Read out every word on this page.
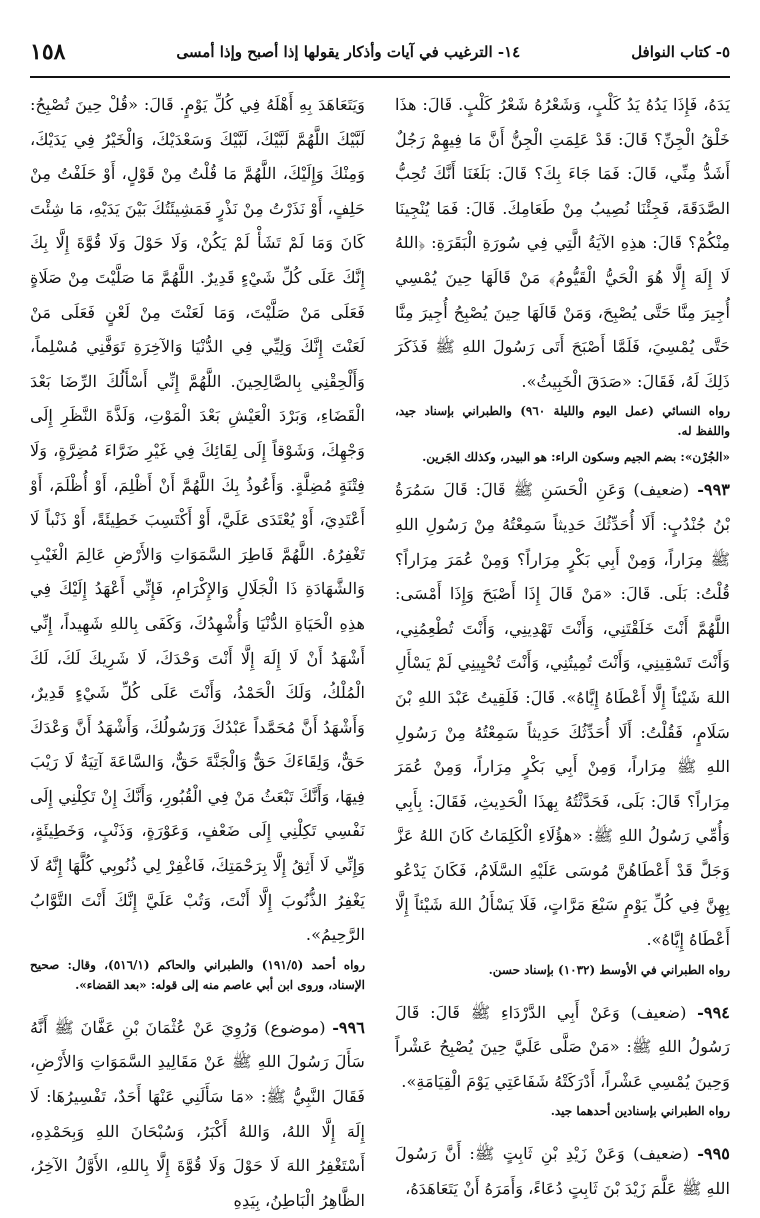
٥- كتاب النوافل
١٤- الترغيب في آيات وأذكار يقولها إذا أصبح وإذا أمسى
١٥٨

يَدَهُ، فَإِذَا يَدُهُ يَدُ كَلْبٍ، وَشَعْرُهُ شَعْرُ كَلْبٍ. قَالَ: هذَا خَلْقُ الْجِنِّ؟ قَالَ: قَدْ عَلِمَتِ الْجِنُّ أَنَّ مَا فِيهِمْ رَجُلٌ أَشَدُّ مِنِّي، قَالَ: فَمَا جَاءَ بِكَ؟ قَالَ: بَلَغَنَا أَنَّكَ تُحِبُّ الصَّدَقَةَ، فَجِئْنَا نُصِيبُ مِنْ طَعَامِكَ. قَالَ: فَمَا يُنْجِينَا مِنْكُمْ؟ قَالَ: هذِهِ الآيَةُ الَّتِي فِي سُورَةِ الْبَقَرَةِ: ﴿اللهُ لَا إِلَهَ إِلَّا هُوَ الْحَيُّ الْقَيُّومُ﴾ مَنْ قَالَهَا حِينَ يُمْسِي أُجِيرَ مِنَّا حَتَّى يُصْبِحَ، وَمَنْ قَالَهَا حِينَ يُصْبِحُ أُجِيرَ مِنَّا حَتَّى يُمْسِيَ، فَلَمَّا أَصْبَحَ أَتَى رَسُولَ اللهِ ﷺ فَذَكَرَ ذَلِكَ لَهُ، فَقَالَ: «صَدَقَ الْخَبِيثُ».

رواه النسائي (عمل اليوم والليلة ٩٦٠) والطبراني بإسناد جيد، واللفظ له.

«الجُرْن»: بضم الجيم وسكون الراء: هو البيدر، وكذلك الجَرين.

٩٩٣- (ضعيف) وَعَنِ الْحَسَنِ ﷺ قَالَ: قَالَ سَمُرَةُ بْنُ جُنْدُبٍ: أَلَا أُحَدِّثُكَ حَدِيثاً سَمِعْتُهُ مِنْ رَسُولِ اللهِ ﷺ مِرَاراً، وَمِنْ أَبِي بَكْرٍ مِرَاراً؟ وَمِنْ عُمَرَ مِرَاراً؟ قُلْتُ: بَلَى. قَالَ: «مَنْ قَالَ إِذَا أَصْبَحَ وَإِذَا أَمْسَى: اللَّهُمَّ أَنْتَ خَلَقْتَنِي، وَأَنْتَ تَهْدِينِي، وَأَنْتَ تُطْعِمُنِي، وَأَنْتَ تَسْقِينِي، وَأَنْتَ تُمِيتُنِي، وَأَنْتَ تُحْيِينِي لَمْ يَسْأَلِ اللهَ شَيْئاً إِلَّا أَعْطَاهُ إِيَّاهُ». قَالَ: فَلَقِيتُ عَبْدَ اللهِ بْنَ سَلَامٍ، فَقُلْتُ: أَلَا أُحَدِّثُكَ حَدِيثاً سَمِعْتُهُ مِنْ رَسُولِ اللهِ ﷺ مِرَاراً، وَمِنْ أَبِي بَكْرٍ مِرَاراً، وَمِنْ عُمَرَ مِرَاراً؟ قَالَ: بَلَى، فَحَدَّثْتُهُ بِهذَا الْحَدِيثِ، فَقَالَ: بِأَبِي وَأُمِّي رَسُولُ اللهِ ﷺ: «هؤُلَاءِ الْكَلِمَاتُ كَانَ اللهُ عَزَّ وَجَلَّ قَدْ أَعْطَاهُنَّ مُوسَى عَلَيْهِ السَّلَامُ، فَكَانَ يَدْعُو بِهِنَّ فِي كُلِّ يَوْمٍ سَبْعَ مَرَّاتٍ، فَلَا يَسْأَلُ اللهَ شَيْئاً إِلَّا أَعْطَاهُ إِيَّاهُ».

رواه الطبراني في الأوسط (١٠٣٢) بإسناد حسن.

٩٩٤- (ضعيف) وَعَنْ أَبِي الدَّرْدَاءِ ﷺ قَالَ: قَالَ رَسُولُ اللهِ ﷺ: «مَنْ صَلَّى عَلَيَّ حِينَ يُصْبِحُ عَشْراً وَحِينَ يُمْسِي عَشْراً، أَدْرَكَتْهُ شَفَاعَتِي يَوْمَ الْقِيَامَةِ».

رواه الطبراني بإسنادين أحدهما جيد.

٩٩٥- (ضعيف) وَعَنْ زَيْدِ بْنِ ثَابِتٍ ﷺ: أَنَّ رَسُولَ اللهِ ﷺ عَلَّمَ زَيْدَ بْنَ ثَابِتٍ دُعَاءً، وَأَمَرَهُ أَنْ يَتَعَاهَدَهُ،

وَيَتَعَاهَدَ بِهِ أَهْلَهُ فِي كُلِّ يَوْمٍ. قَالَ: «قُلْ حِينَ تُصْبِحُ: لَبَّيْكَ اللَّهُمَّ لَبَّيْكَ، لَبَّيْكَ وَسَعْدَيْكَ، وَالْخَيْرُ فِي يَدَيْكَ، وَمِنْكَ وَإِلَيْكَ، اللَّهُمَّ مَا قُلْتُ مِنْ قَوْلٍ، أَوْ حَلَفْتُ مِنْ حَلِفٍ، أَوْ نَذَرْتُ مِنْ نَذْرٍ فَمَشِيئَتُكَ بَيْنَ يَدَيْهِ، مَا شِئْتَ كَانَ وَمَا لَمْ تَشَأْ لَمْ يَكُنْ، وَلَا حَوْلَ وَلَا قُوَّةَ إِلَّا بِكَ إِنَّكَ عَلَى كُلِّ شَيْءٍ قَدِيرٌ. اللَّهُمَّ مَا صَلَّيْتَ مِنْ صَلَاةٍ فَعَلَى مَنْ صَلَّيْتَ، وَمَا لَعَنْتَ مِنْ لَعْنٍ فَعَلَى مَنْ لَعَنْتَ إِنَّكَ وَلِيِّي فِي الدُّنْيَا وَالآخِرَةِ تَوَفَّنِي مُسْلِماً، وَأَلْحِقْنِي بِالصَّالِحِينَ. اللَّهُمَّ إِنِّي أَسْأَلُكَ الرِّضَا بَعْدَ الْقَضَاءِ، وَبَرْدَ الْعَيْشِ بَعْدَ الْمَوْتِ، وَلَذَّةَ النَّظَرِ إِلَى وَجْهِكَ، وَشَوْقاً إِلَى لِقَائِكَ فِي غَيْرِ ضَرَّاءَ مُضِرَّةٍ، وَلَا فِتْنَةٍ مُضِلَّةٍ. وَأَعُوذُ بِكَ اللَّهُمَّ أَنْ أَظْلِمَ، أَوْ أُظْلَمَ، أَوْ أَعْتَدِيَ، أَوْ يُعْتَدَى عَلَيَّ، أَوْ أَكْتَسِبَ خَطِيئَةً، أَوْ ذَنْباً لَا تَغْفِرُهُ. اللَّهُمَّ فَاطِرَ السَّمَوَاتِ وَالأَرْضِ عَالِمَ الْغَيْبِ وَالشَّهَادَةِ ذَا الْجَلَالِ وَالإِكْرَامِ، فَإِنِّي أَعْهَدُ إِلَيْكَ فِي هذِهِ الْحَيَاةِ الدُّنْيَا وَأُشْهِدُكَ، وَكَفَى بِاللهِ شَهِيداً، إِنِّي أَشْهَدُ أَنْ لَا إِلَهَ إِلَّا أَنْتَ وَحْدَكَ، لَا شَرِيكَ لَكَ، لَكَ الْمُلْكُ، وَلَكَ الْحَمْدُ، وَأَنْتَ عَلَى كُلِّ شَيْءٍ قَدِيرٌ، وَأَشْهَدُ أَنَّ مُحَمَّداً عَبْدُكَ وَرَسُولُكَ، وَأَشْهَدُ أَنَّ وَعْدَكَ حَقٌّ، وَلِقَاءَكَ حَقٌّ وَالْجَنَّةَ حَقٌّ، وَالسَّاعَةَ آتِيَةٌ لَا رَيْبَ فِيهَا، وَأَنَّكَ تَبْعَثُ مَنْ فِي الْقُبُورِ، وَأَنَّكَ إِنْ تَكِلْنِي إِلَى نَفْسِي تَكِلْنِي إِلَى ضَعْفٍ، وَعَوْرَةٍ، وَذَنْبٍ، وَخَطِيئَةٍ، وَإِنِّي لَا أَثِقُ إِلَّا بِرَحْمَتِكَ، فَاغْفِرْ لِي ذُنُوبِي كُلَّهَا إِنَّهُ لَا يَغْفِرُ الذُّنُوبَ إِلَّا أَنْتَ، وَتُبْ عَلَيَّ إِنَّكَ أَنْتَ التَّوَّابُ الرَّحِيمُ».

رواه أحمد (١٩١/٥) والطبراني والحاكم (٥١٦/١)، وقال: صحيح الإسناد، وروى ابن أبي عاصم منه إلى قوله: «بعد القضاء».

٩٩٦- (موضوع) وَرُوِيَ عَنْ عُثْمَانَ بْنِ عَفَّانَ ﷺ أَنَّهُ سَأَلَ رَسُولَ اللهِ ﷺ عَنْ مَقَالِيدِ السَّمَوَاتِ وَالأَرْضِ، فَقَالَ النَّبِيُّ ﷺ: «مَا سَأَلَنِي عَنْهَا أَحَدٌ، تَفْسِيرُهَا: لَا إِلَهَ إِلَّا اللهُ، وَاللهُ أَكْبَرُ، وَسُبْحَانَ اللهِ وَبِحَمْدِهِ، أَسْتَغْفِرُ اللهَ لَا حَوْلَ وَلَا قُوَّةَ إِلَّا بِاللهِ، الأَوَّلُ الآخِرُ، الظَّاهِرُ الْبَاطِنُ، بِيَدِهِ
